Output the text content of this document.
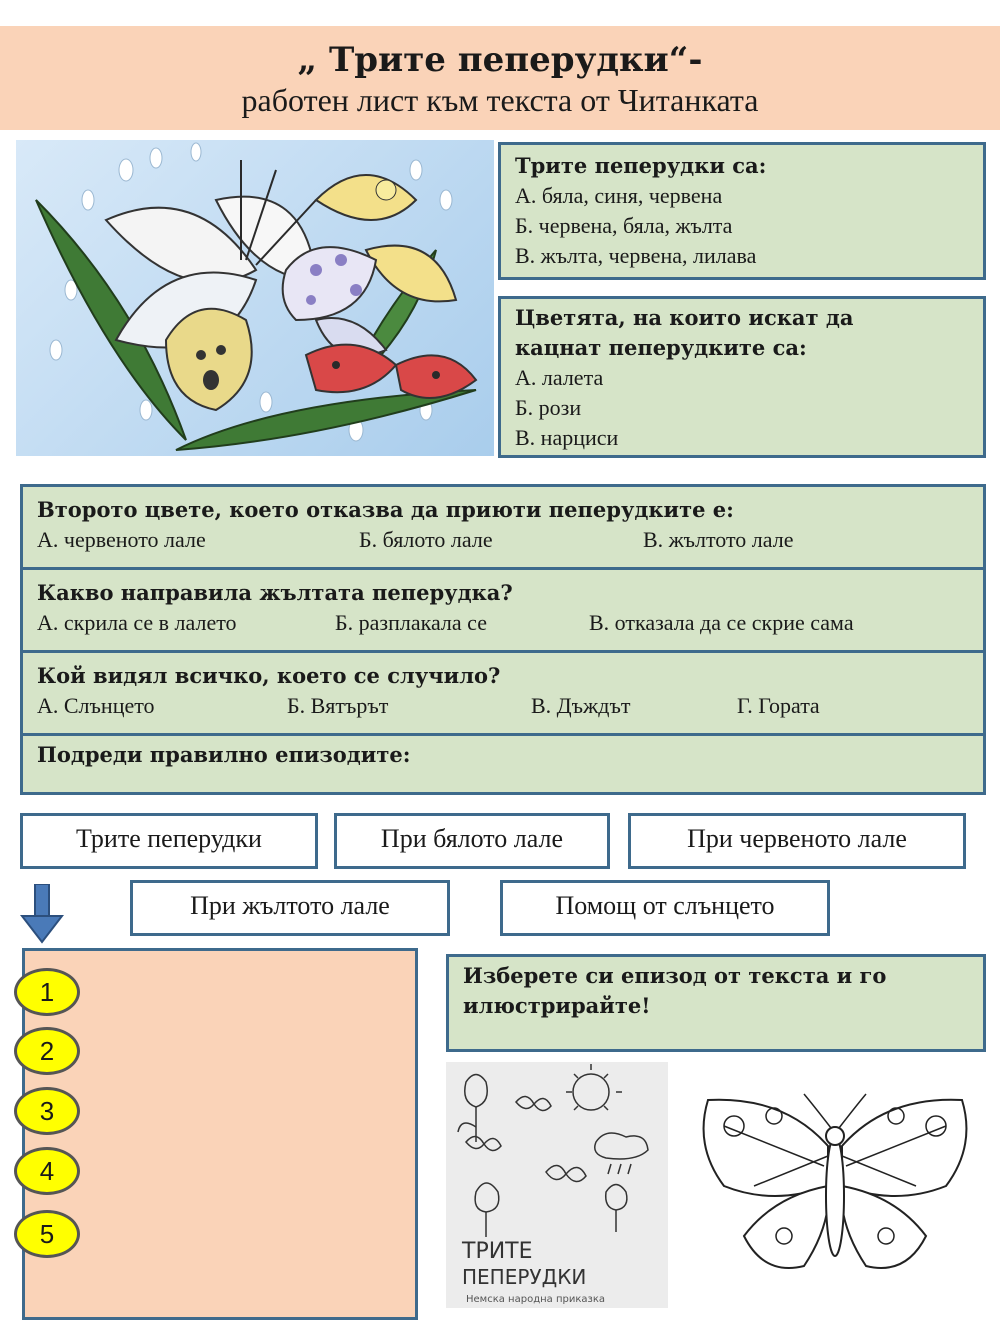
„ Трите пеперудки“-
работен лист към текста от Читанката
Трите пеперудки са:
А. бяла, синя, червена
Б. червена, бяла, жълта
В. жълта, червена, лилава
Цветята, на които искат да
кацнат пеперудките са:
А. лалета
Б. рози
В. нарциси
Второто цвете, което отказва да приюти пеперудките е:
А. червеното лале	Б. бялото лале	В. жълтото лале
Какво направила жълтата пеперудка?
А. скрила се в лалето	Б. разплакала се	В. отказала да се скрие сама
Кой видял всичко, което се случило?
А. Слънцето	Б. Вятърът	В. Дъждът	Г. Горатa
Подреди правилно епизодите:
Трите пеперудки	При бялото лале	При червеното лале
При жълтото лале	Помощ от слънцето
1
2
3
4
5
Изберете си епизод от текста и го
илюстрирайте!
ТРИТЕ
ПЕПЕРУДКИ
Немска народна приказка
